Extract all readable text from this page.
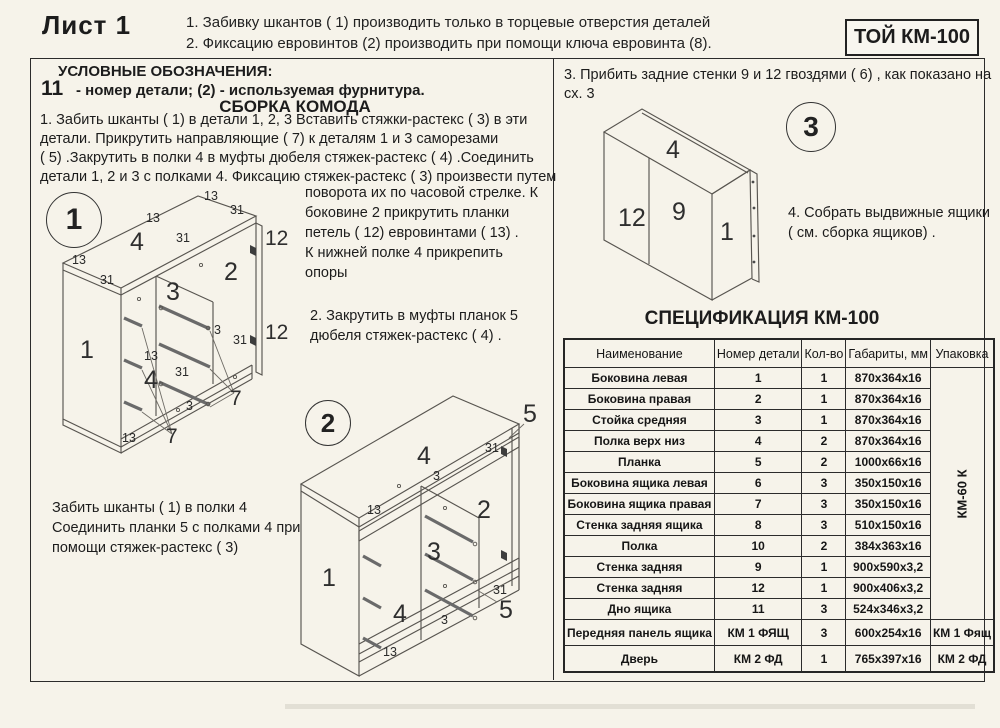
Лист 1	1. Забивку шкантов ( 1) производить только в торцевые отверстия деталей
2. Фиксацию евровинтов (2) производить при помощи ключа евровинта (8).	ТОЙ КМ-100
УСЛОВНЫЕ ОБОЗНАЧЕНИЯ:
11 - номер детали; (2) - используемая фурнитура.
СБОРКА КОМОДА
1. Забить шканты ( 1) в детали 1, 2, 3 Вставить стяжки-растекс ( 3) в эти
детали. Прикрутить направляющие ( 7) к деталям 1 и 3 саморезами
( 5) .Закрутить в полки 4 в муфты дюбеля стяжек-растекс ( 4) .Соединить
детали 1, 2 и 3 с полками 4. Фиксацию стяжек-растекс ( 3) произвести путем
поворота их по часовой стрелке. К
боковине 2 прикрутить планки
петель ( 12) евровинтами ( 13) .
К нижней полке 4 прикрепить
опоры
2. Закрутить в муфты планок 5
дюбеля стяжек-растекс ( 4) .
1
4
1
3
2
4
12
12
7
7
13
31
13
31
13
31
3
31
13
31
3
13
Забить шканты ( 1) в полки 4
Соединить планки 5 с полками 4 при
помощи стяжек-растекс ( 3)
2
4
5
2
3
1
4	5
31
3
13
31
3
13
3. Прибить задние стенки 9 и 12 гвоздями ( 6) , как показано на
сх. 3
3
4
12 9
1
4. Собрать выдвижные ящики
( см. сборка ящиков) .
СПЕЦИФИКАЦИЯ КМ-100
Наименование	Номер детали	Кол-во	Габариты, мм	Упаковка
Боковина левая	1	1	870x364x16	КМ-60 К

Боковина правая	2	1	870x364x16	
Стойка средняя	3	1	870x364x16	
Полка верх низ	4	2	870x364x16	
Планка	5	2	1000x66x16	
Боковина ящика левая	6	3	350x150x16	
Боковина ящика правая	7	3	350x150x16	
Стенка задняя ящика	8	3	510x150x16	
Полка	10	2	384x363x16	
Стенка задняя	9	1	900x590x3,2	
Стенка задняя	12	1	900x406x3,2	
Дно ящика	11	3	524x346x3,2	
Передняя панель ящика	КМ 1 ФЯЩ	3	600x254x16	КМ 1 Фящ
Дверь	КМ 2 ФД	1	765x397x16	КМ 2 ФД
